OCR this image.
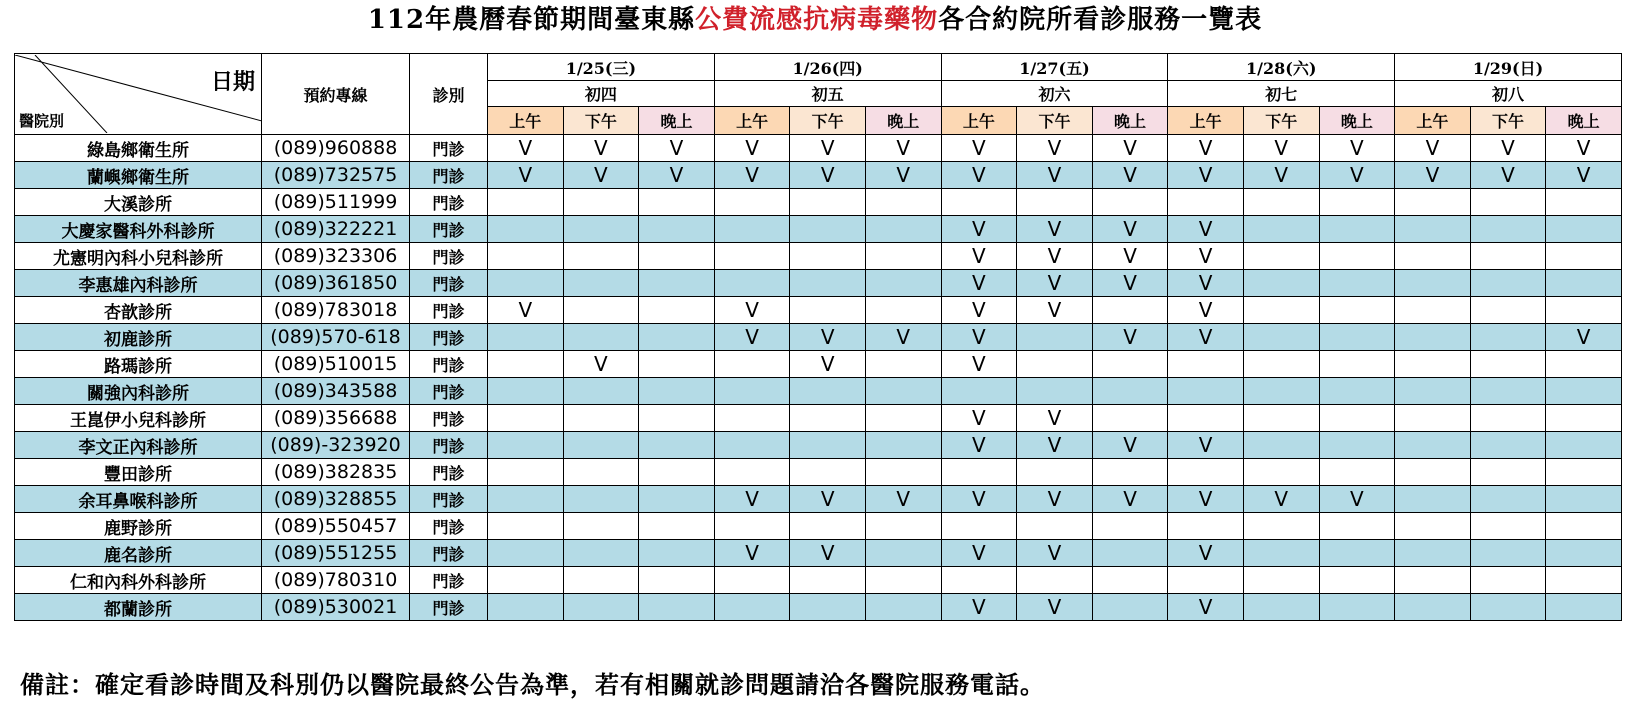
112年農曆春節期間臺東縣公費流感抗病毒藥物各合約院所看診服務一覽表
日期
醫院別	預約專線	診別	1/25(三)			1/26(四)			1/27(五)			1/28(六)			1/29(日)		
			初四			初五			初六			初七			初八		
			上午	下午	晚上	上午	下午	晚上	上午	下午	晚上	上午	下午	晚上	上午	下午	晚上
綠島鄉衛生所	(089)960888	門診	V	V	V	V	V	V	V	V	V	V	V	V	V	V	V
蘭嶼鄉衛生所	(089)732575	門診	V	V	V	V	V	V	V	V	V	V	V	V	V	V	V
大溪診所	(089)511999	門診															
大慶家醫科外科診所	(089)322221	門診							V	V	V	V					
尤憲明內科小兒科診所	(089)323306	門診							V	V	V	V					
李惠雄內科診所	(089)361850	門診							V	V	V	V					
杏歆診所	(089)783018	門診	V			V			V	V		V					
初鹿診所	(089)570-618	門診				V	V	V	V		V	V					V
路瑪診所	(089)510015	門診		V			V		V								
關強內科診所	(089)343588	門診															
王崑伊小兒科診所	(089)356688	門診							V	V							
李文正內科診所	(089)-323920	門診							V	V	V	V					
豐田診所	(089)382835	門診															
余耳鼻喉科診所	(089)328855	門診				V	V	V	V	V	V	V	V	V			
鹿野診所	(089)550457	門診															
鹿名診所	(089)551255	門診				V	V		V	V		V					
仁和內科外科診所	(089)780310	門診															
都蘭診所	(089)530021	門診							V	V		V					
備註：確定看診時間及科別仍以醫院最終公告為準，若有相關就診問題請洽各醫院服務電話。
